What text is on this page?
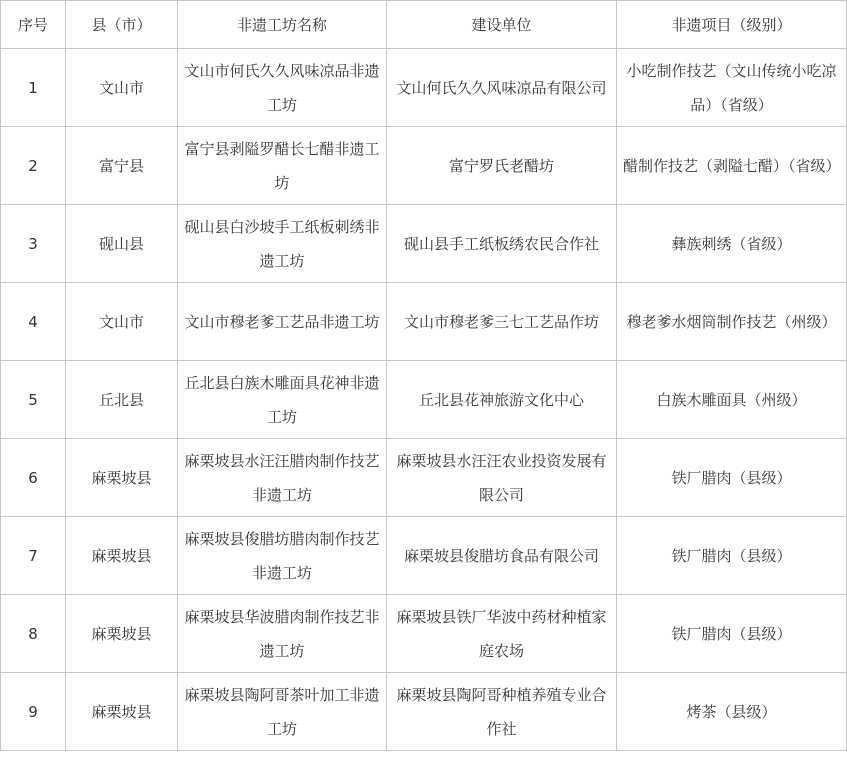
序号	县（市）	非遗工坊名称	建设单位	非遗项目（级别）
1	文山市	文山市何氏久久风味凉品非遗工坊	文山何氏久久风味凉品有限公司	小吃制作技艺（文山传统小吃凉品）（省级）
2	富宁县	富宁县剥隘罗醋长七醋非遗工坊	富宁罗氏老醋坊	醋制作技艺（剥隘七醋）（省级）
3	砚山县	砚山县白沙坡手工纸板刺绣非遗工坊	砚山县手工纸板绣农民合作社	彝族刺绣（省级）
4	文山市	文山市穆老爹工艺品非遗工坊	文山市穆老爹三七工艺品作坊	穆老爹水烟筒制作技艺（州级）
5	丘北县	丘北县白族木雕面具花神非遗工坊	丘北县花神旅游文化中心	白族木雕面具（州级）
6	麻栗坡县	麻栗坡县水汪汪腊肉制作技艺非遗工坊	麻栗坡县水汪汪农业投资发展有限公司	铁厂腊肉（县级）
7	麻栗坡县	麻栗坡县俊腊坊腊肉制作技艺非遗工坊	麻栗坡县俊腊坊食品有限公司	铁厂腊肉（县级）
8	麻栗坡县	麻栗坡县华波腊肉制作技艺非遗工坊	麻栗坡县铁厂华波中药材种植家庭农场	铁厂腊肉（县级）
9	麻栗坡县	麻栗坡县陶阿哥茶叶加工非遗工坊	麻栗坡县陶阿哥种植养殖专业合作社	烤茶（县级）
